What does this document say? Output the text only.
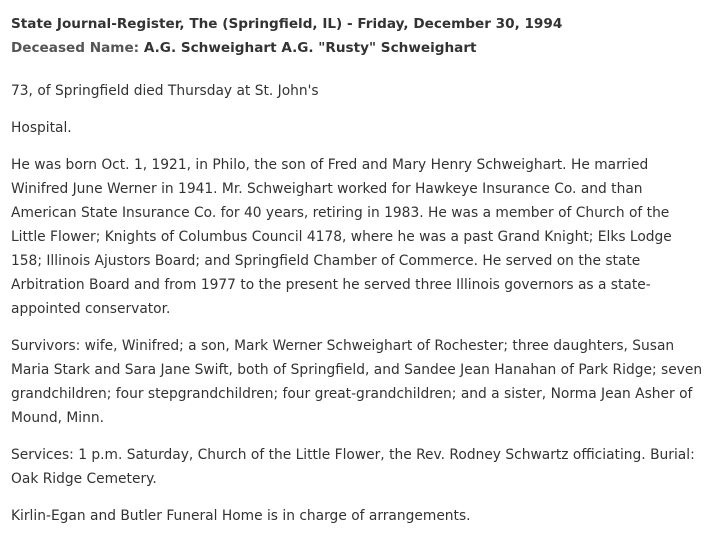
State Journal-Register, The (Springfield, IL) - Friday, December 30, 1994
Deceased Name: A.G. Schweighart A.G. "Rusty" Schweighart

73, of Springfield died Thursday at St. John's

Hospital.

He was born Oct. 1, 1921, in Philo, the son of Fred and Mary Henry Schweighart. He married Winifred June Werner in 1941. Mr. Schweighart worked for Hawkeye Insurance Co. and than American State Insurance Co. for 40 years, retiring in 1983. He was a member of Church of the Little Flower; Knights of Columbus Council 4178, where he was a past Grand Knight; Elks Lodge 158; Illinois Ajustors Board; and Springfield Chamber of Commerce. He served on the state Arbitration Board and from 1977 to the present he served three Illinois governors as a state-appointed conservator.

Survivors: wife, Winifred; a son, Mark Werner Schweighart of Rochester; three daughters, Susan Maria Stark and Sara Jane Swift, both of Springfield, and Sandee Jean Hanahan of Park Ridge; seven grandchildren; four stepgrandchildren; four great-grandchildren; and a sister, Norma Jean Asher of Mound, Minn.

Services: 1 p.m. Saturday, Church of the Little Flower, the Rev. Rodney Schwartz officiating. Burial: Oak Ridge Cemetery.

Kirlin-Egan and Butler Funeral Home is in charge of arrangements.
